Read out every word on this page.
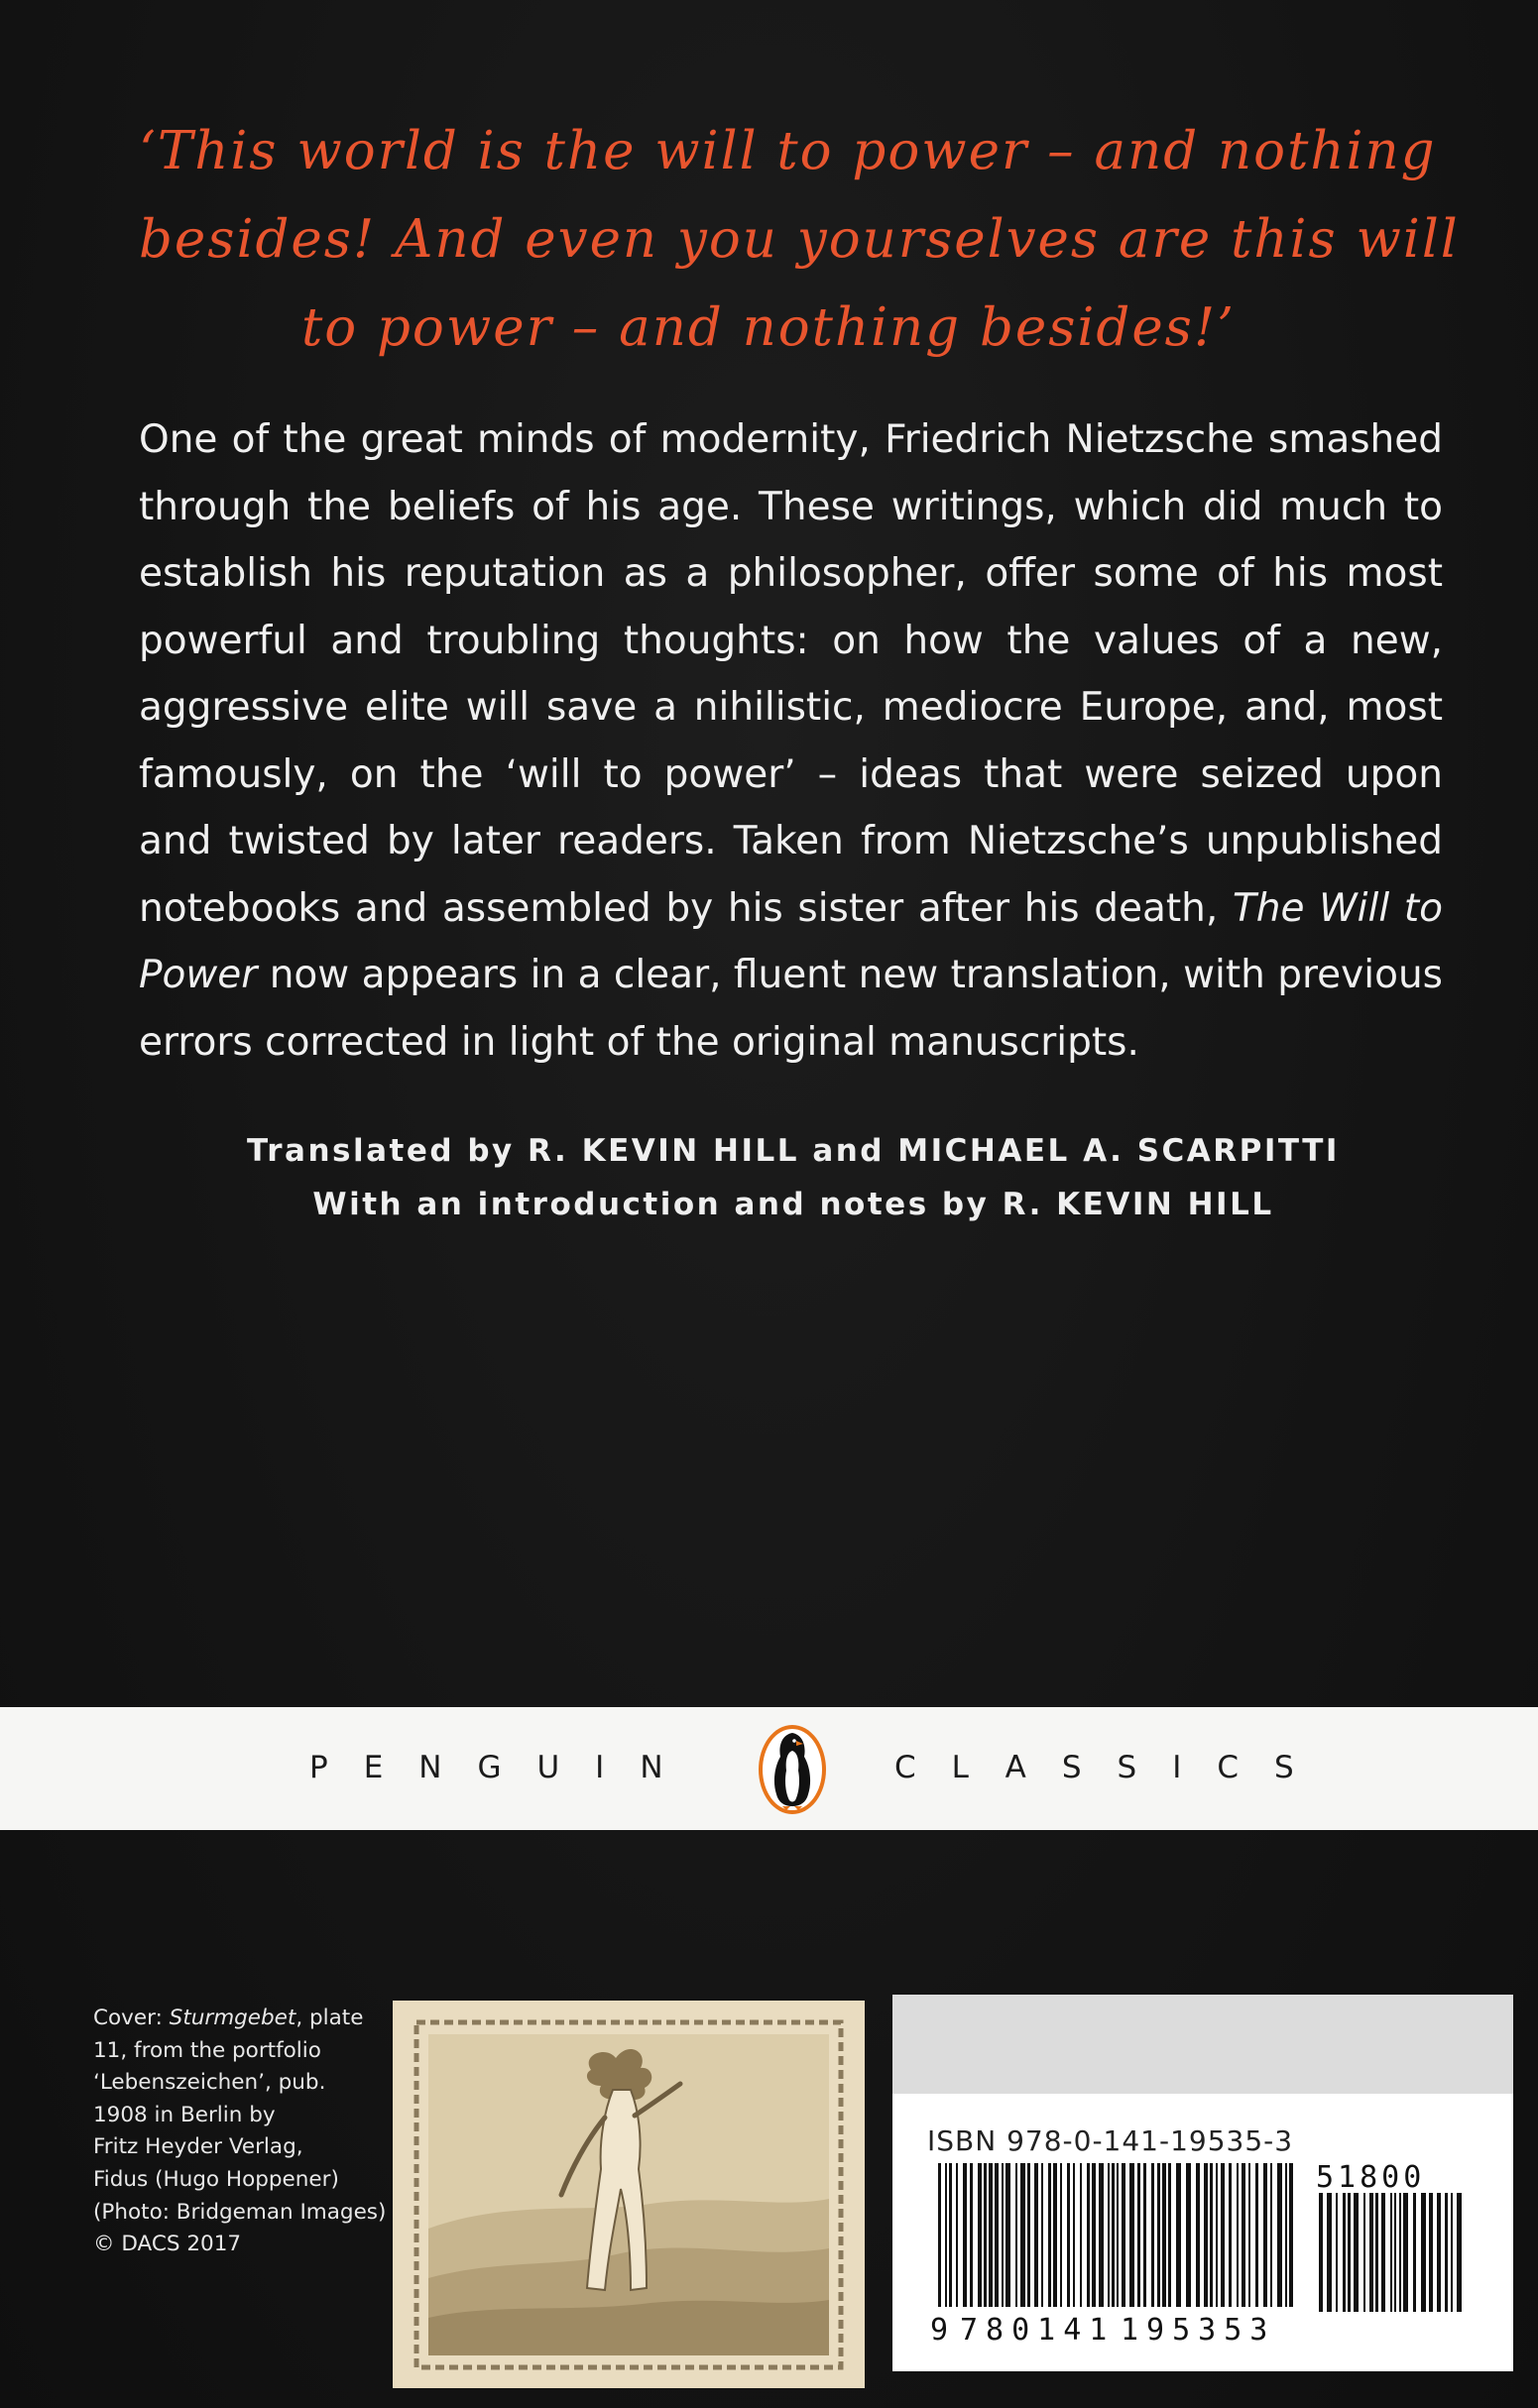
‘This world is the will to power – and nothing
besides! And even you yourselves are this will
to power – and nothing besides!’
One of the great minds of modernity, Friedrich Nietzsche smashed
through the beliefs of his age. These writings, which did much to
establish his reputation as a philosopher, offer some of his most
powerful and troubling thoughts: on how the values of a new,
aggressive elite will save a nihilistic, mediocre Europe, and, most
famously, on the ‘will to power’ – ideas that were seized upon
and twisted by later readers. Taken from Nietzsche’s unpublished
notebooks and assembled by his sister after his death, The Will to
Power now appears in a clear, fluent new translation, with previous
errors corrected in light of the original manuscripts.
Translated by R. KEVIN HILL and MICHAEL A. SCARPITTI
With an introduction and notes by R. KEVIN HILL
PENGUIN	CLASSICS
Cover: Sturmgebet, plate
11, from the portfolio
‘Lebenszeichen’, pub.
1908 in Berlin by
Fritz Heyder Verlag,
Fidus (Hugo Hoppener)
(Photo: Bridgeman Images)
© DACS 2017
ISBN 978-0-141-19535-3
9 780141 195353
51800
